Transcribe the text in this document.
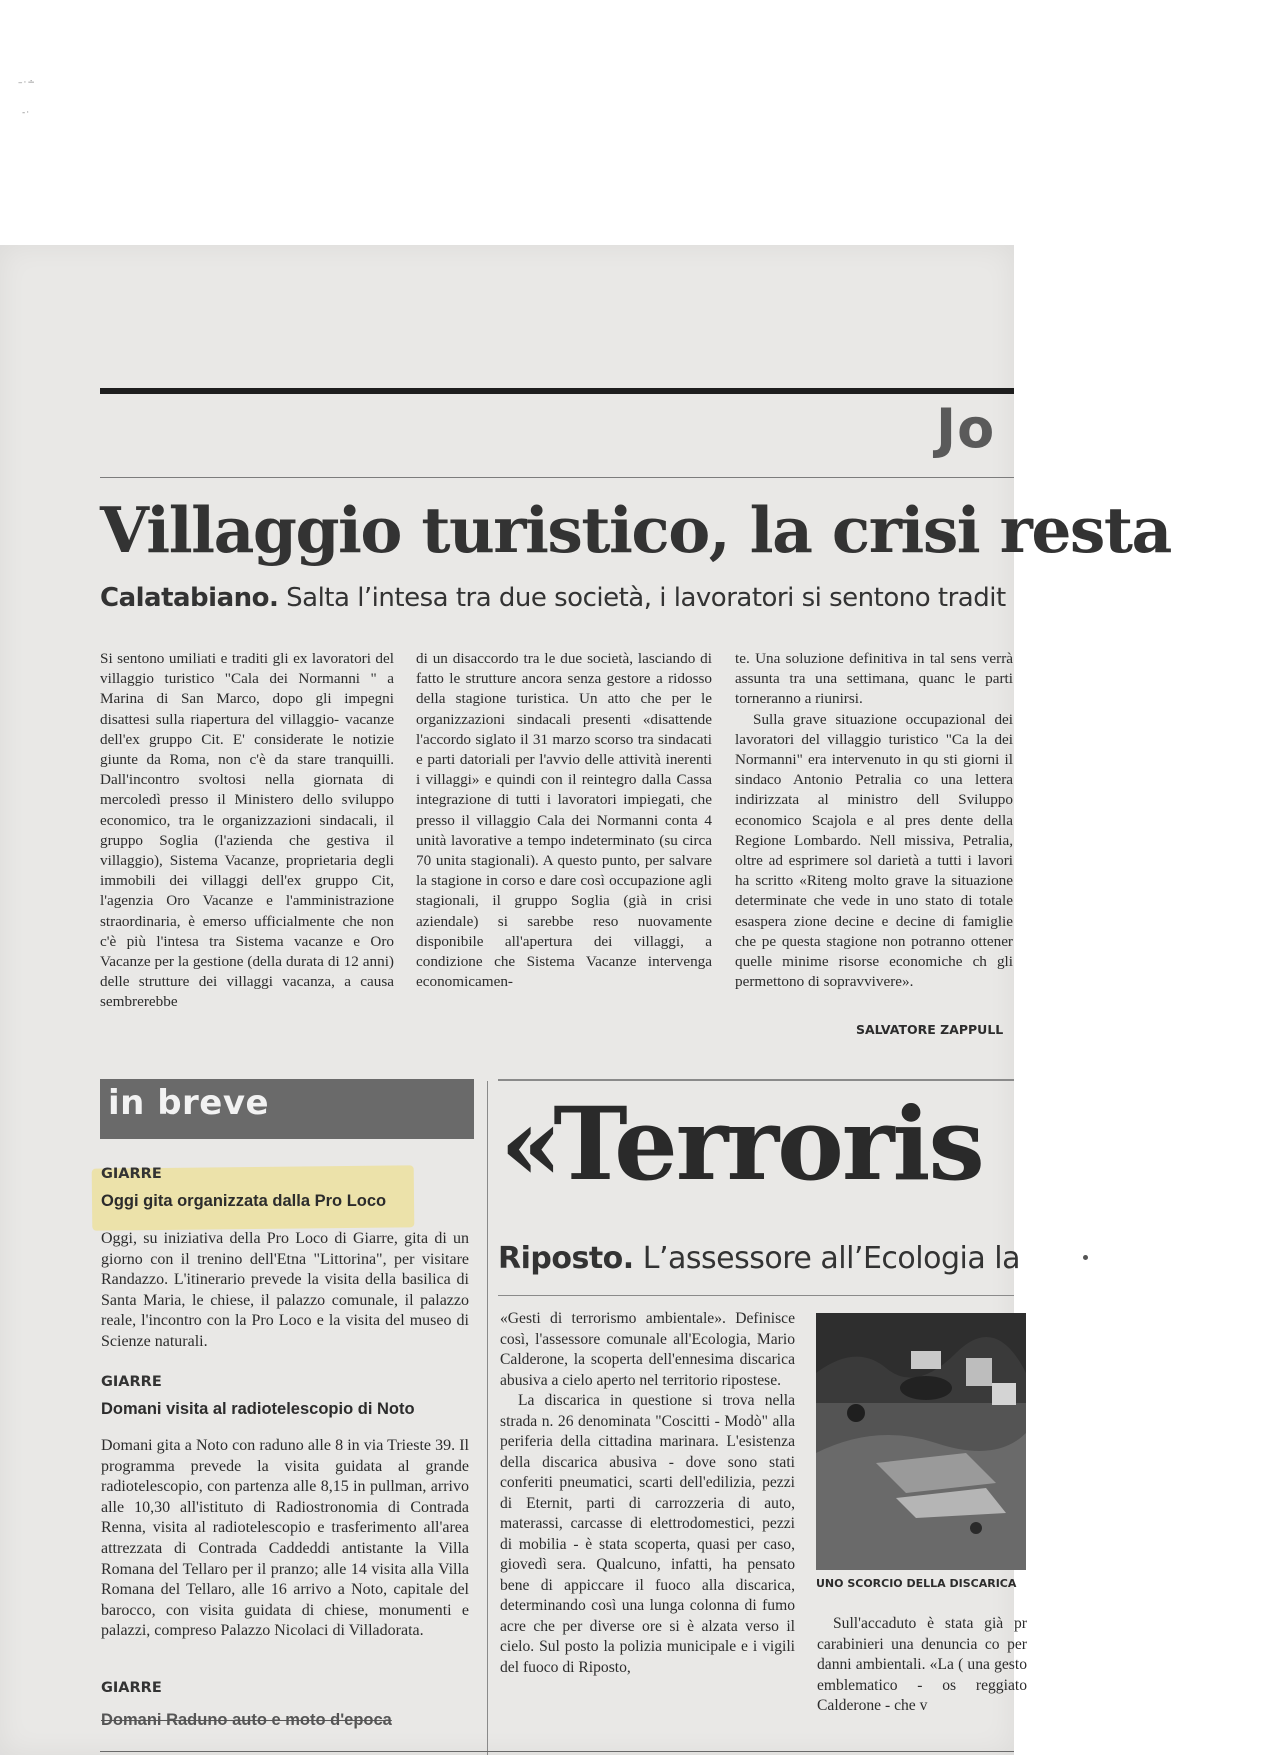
–·∸
-·
Jo
Villaggio turistico, la crisi resta
Calatabiano. Salta l’intesa tra due società, i lavoratori si sentono tradit

Si sentono umiliati e traditi gli ex lavoratori del villaggio turistico "Cala dei Normanni " a Marina di San Marco, dopo gli impegni disattesi sulla riapertura del villaggio- vacanze dell'ex gruppo Cit. E' considerate le notizie giunte da Roma, non c'è da stare tranquilli. Dall'incontro svoltosi nella giornata di mercoledì presso il Ministero dello sviluppo economico, tra le organizzazioni sindacali, il gruppo Soglia (l'azienda che gestiva il villaggio), Sistema Vacanze, proprietaria degli immobili dei villaggi dell'ex gruppo Cit, l'agenzia Oro Vacanze e l'amministrazione straordinaria, è emerso ufficialmente che non c'è più l'intesa tra Sistema vacanze e Oro Vacanze per la gestione (della durata di 12 anni) delle strutture dei villaggi vacanza, a causa sembrerebbe

di un disaccordo tra le due società, lasciando di fatto le strutture ancora senza gestore a ridosso della stagione turistica. Un atto che per le organizzazioni sindacali presenti «disattende l'accordo siglato il 31 marzo scorso tra sindacati e parti datoriali per l'avvio delle attività inerenti i villaggi» e quindi con il reintegro dalla Cassa integrazione di tutti i lavoratori impiegati, che presso il villaggio Cala dei Normanni conta 4 unità lavorative a tempo indeterminato (su circa 70 unita stagionali). A questo punto, per salvare la stagione in corso e dare così occupazione agli stagionali, il gruppo Soglia (già in crisi aziendale) si sarebbe reso nuovamente disponibile all'apertura dei villaggi, a condizione che Sistema Vacanze intervenga economicamen-

te. Una soluzione definitiva in tal sens verrà assunta tra una settimana, quanc le parti torneranno a riunirsi.

Sulla grave situazione occupazional dei lavoratori del villaggio turistico "Ca la dei Normanni" era intervenuto in qu sti giorni il sindaco Antonio Petralia co una lettera indirizzata al ministro dell Sviluppo economico Scajola e al pres dente della Regione Lombardo. Nell missiva, Petralia, oltre ad esprimere sol darietà a tutti i lavori ha scritto «Riteng molto grave la situazione determinate che vede in uno stato di totale esaspera zione decine e decine di famiglie che pe questa stagione non potranno ottener quelle minime risorse economiche ch gli permettono di sopravvivere».

SALVATORE ZAPPULL
in breve
GIARRE
Oggi gita organizzata dalla Pro Loco
Oggi, su iniziativa della Pro Loco di Giarre, gita di un giorno con il trenino dell'Etna "Littorina", per visitare Randazzo. L'itinerario prevede la visita della basilica di Santa Maria, le chiese, il palazzo comunale, il palazzo reale, l'incontro con la Pro Loco e la visita del museo di Scienze naturali.
GIARRE
Domani visita al radiotelescopio di Noto
Domani gita a Noto con raduno alle 8 in via Trieste 39. Il programma prevede la visita guidata al grande radiotelescopio, con partenza alle 8,15 in pullman, arrivo alle 10,30 all'istituto di Radiostronomia di Contrada Renna, visita al radiotelescopio e trasferimento all'area attrezzata di Contrada Caddeddi antistante la Villa Romana del Tellaro per il pranzo; alle 14 visita alla Villa Romana del Tellaro, alle 16 arrivo a Noto, capitale del barocco, con visita guidata di chiese, monumenti e palazzi, compreso Palazzo Nicolaci di Villadorata.
GIARRE
Domani Raduno auto e moto d'epoca
«Terroris
Riposto. L’assessore all’Ecologia la

«Gesti di terrorismo ambientale». Definisce così, l'assessore comunale all'Ecologia, Mario Calderone, la scoperta dell'ennesima discarica abusiva a cielo aperto nel territorio ripostese.

La discarica in questione si trova nella strada n. 26 denominata "Coscitti - Modò" alla periferia della cittadina marinara. L'esistenza della discarica abusiva - dove sono stati conferiti pneumatici, scarti dell'edilizia, pezzi di Eternit, parti di carrozzeria di auto, materassi, carcasse di elettrodomestici, pezzi di mobilia - è stata scoperta, quasi per caso, giovedì sera. Qualcuno, infatti, ha pensato bene di appiccare il fuoco alla discarica, determinando così una lunga colonna di fumo acre che per diverse ore si è alzata verso il cielo. Sul posto la polizia municipale e i vigili del fuoco di Riposto,

UNO SCORCIO DELLA DISCARICA

Sull'accaduto è stata già pr carabinieri una denuncia co per danni ambientali. «La ( una gesto emblematico - os reggiato Calderone - che v
